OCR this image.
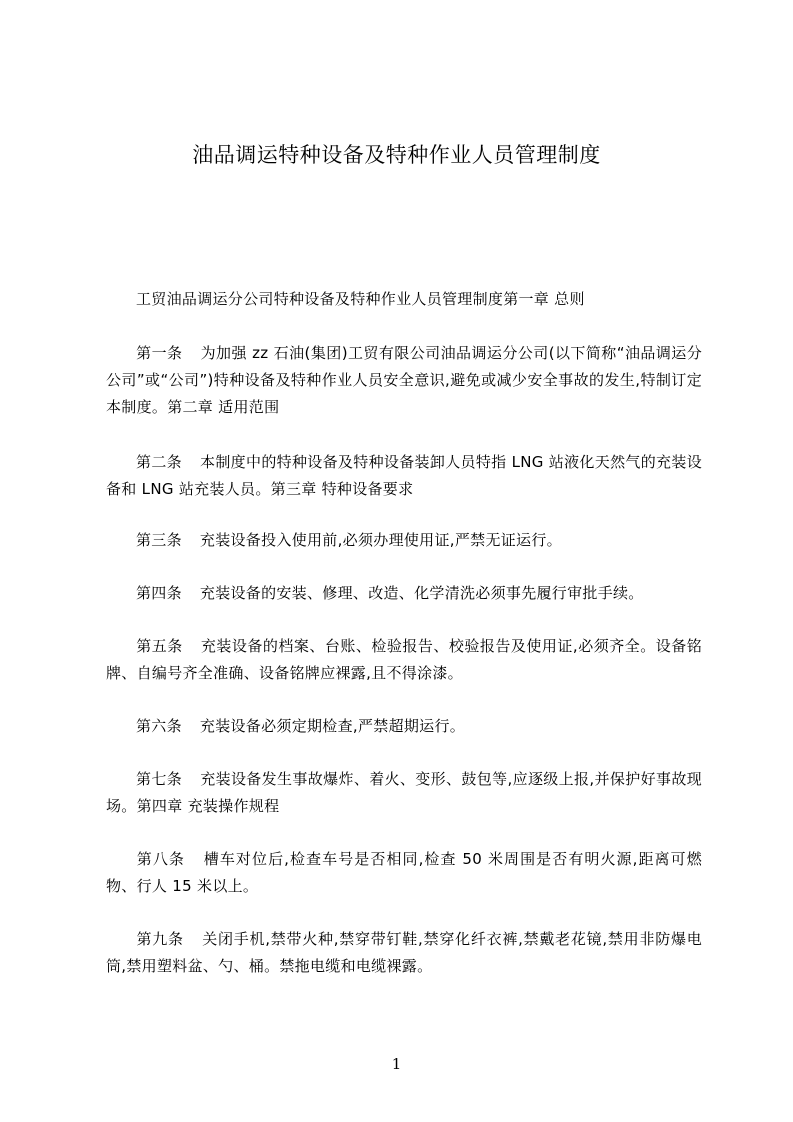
油品调运特种设备及特种作业人员管理制度
工贸油品调运分公司特种设备及特种作业人员管理制度第一章 总则
第一条 为加强 zz 石油(集团)工贸有限公司油品调运分公司(以下简称“油品调运分公司”或“公司”)特种设备及特种作业人员安全意识,避免或减少安全事故的发生,特制订定本制度。第二章 适用范围
第二条 本制度中的特种设备及特种设备装卸人员特指 LNG 站液化天然气的充装设备和 LNG 站充装人员。第三章 特种设备要求
第三条 充装设备投入使用前,必须办理使用证,严禁无证运行。
第四条 充装设备的安装、修理、改造、化学清洗必须事先履行审批手续。
第五条 充装设备的档案、台账、检验报告、校验报告及使用证,必须齐全。设备铭牌、自编号齐全准确、设备铭牌应裸露,且不得涂漆。
第六条 充装设备必须定期检查,严禁超期运行。
第七条 充装设备发生事故爆炸、着火、变形、鼓包等,应逐级上报,并保护好事故现场。第四章 充装操作规程
第八条 槽车对位后,检查车号是否相同,检查 50 米周围是否有明火源,距离可燃物、行人 15 米以上。
第九条 关闭手机,禁带火种,禁穿带钉鞋,禁穿化纤衣裤,禁戴老花镜,禁用非防爆电筒,禁用塑料盆、勺、桶。禁拖电缆和电缆裸露。
1
